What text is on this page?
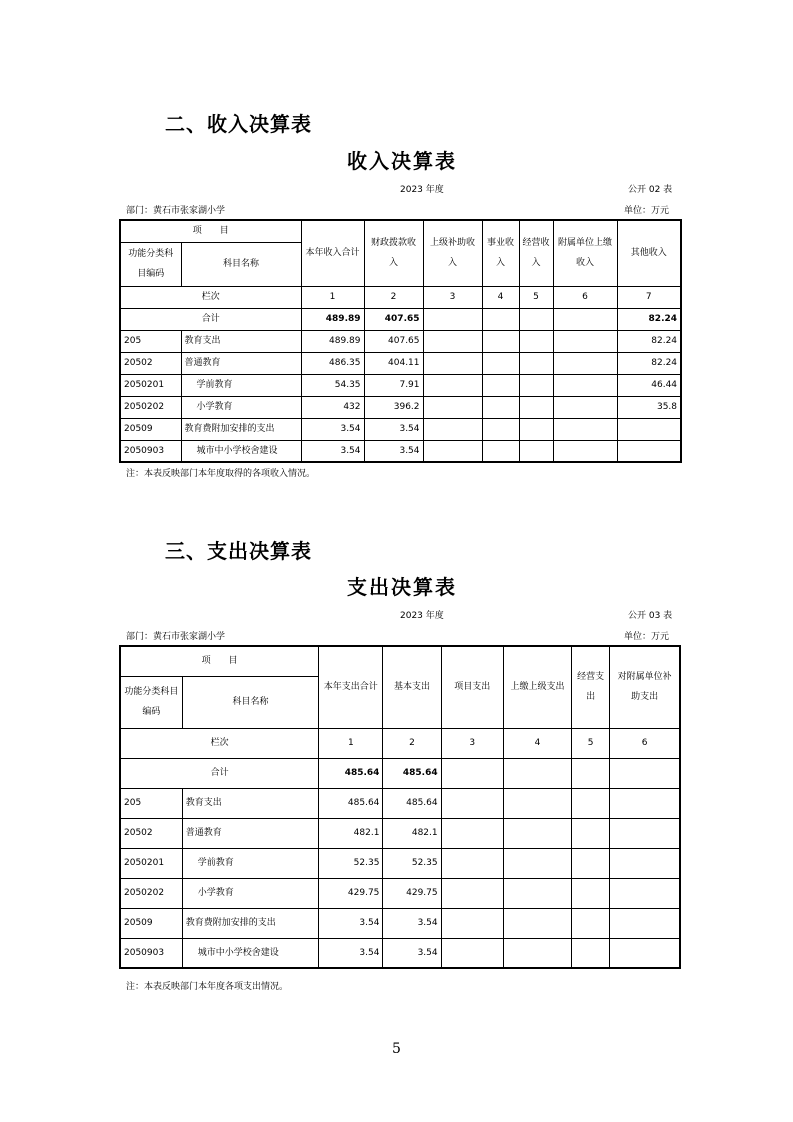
二、收入决算表
收入决算表
2023 年度	公开 02 表
部门：黄石市张家湖小学	单位：万元
项　　目		本年收入合计	财政拨款收入	上级补助收入	事业收入	经营收入	附属单位上缴收入	其他收入
功能分类科目编码	科目名称							
栏次		1	2	3	4	5	6	7
合计		489.89	407.65					82.24
205	教育支出	489.89	407.65					82.24
20502	普通教育	486.35	404.11					82.24
2050201	学前教育	54.35	7.91					46.44
2050202	小学教育	432	396.2					35.8
20509	教育费附加安排的支出	3.54	3.54					
2050903	城市中小学校舍建设	3.54	3.54					
注：本表反映部门本年度取得的各项收入情况。
三、支出决算表
支出决算表
2023 年度	公开 03 表
部门：黄石市张家湖小学	单位：万元
项　　目		本年支出合计	基本支出	项目支出	上缴上级支出	经营支出	对附属单位补助支出
功能分类科目编码	科目名称						
栏次		1	2	3	4	5	6
合计		485.64	485.64				
205	教育支出	485.64	485.64				
20502	普通教育	482.1	482.1				
2050201	学前教育	52.35	52.35				
2050202	小学教育	429.75	429.75				
20509	教育费附加安排的支出	3.54	3.54				
2050903	城市中小学校舍建设	3.54	3.54				
注：本表反映部门本年度各项支出情况。
5
